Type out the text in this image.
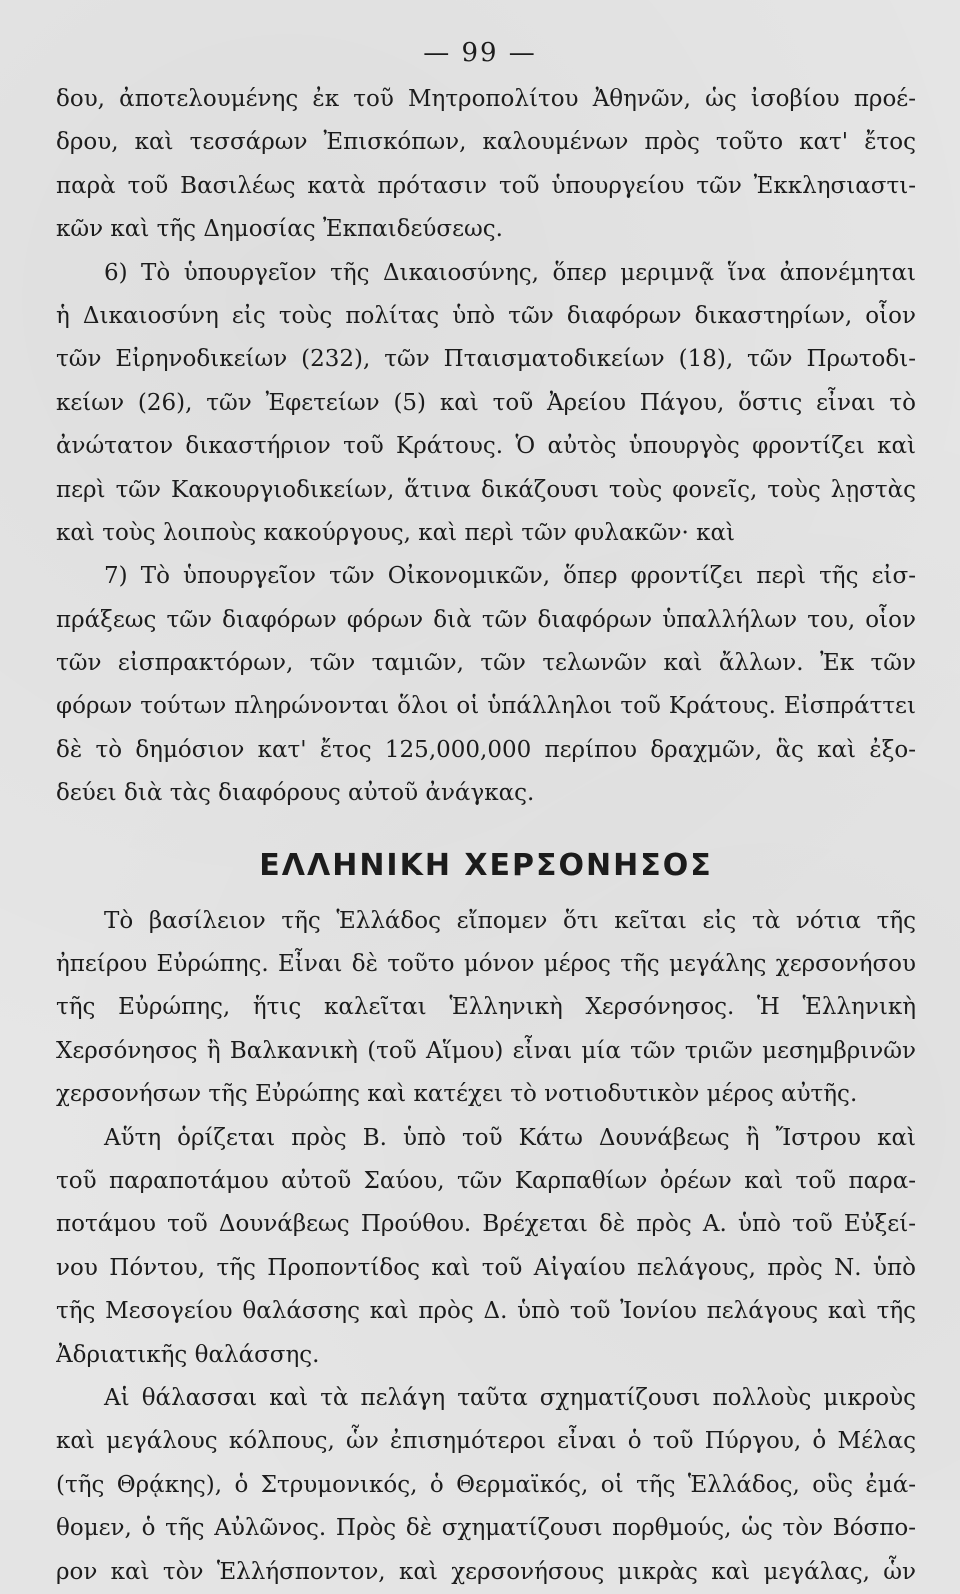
— 99 —
δου, ἀποτελουμένης ἐκ τοῦ Μητροπολίτου Ἀθηνῶν, ὡς ἰσοβίου προέ-
δρου, καὶ τεσσάρων Ἐπισκόπων, καλουμένων πρὸς τοῦτο κατ' ἔτος
παρὰ τοῦ Βασιλέως κατὰ πρότασιν τοῦ ὑπουργείου τῶν Ἐκκλησιαστι-
κῶν καὶ τῆς Δημοσίας Ἐκπαιδεύσεως.
6) Τὸ ὑπουργεῖον τῆς Δικαιοσύνης, ὅπερ μεριμνᾷ ἵνα ἀπονέμηται
ἡ Δικαιοσύνη εἰς τοὺς πολίτας ὑπὸ τῶν διαφόρων δικαστηρίων, οἷον
τῶν Εἰρηνοδικείων (232), τῶν Πταισματοδικείων (18), τῶν Πρωτοδι-
κείων (26), τῶν Ἐφετείων (5) καὶ τοῦ Ἀρείου Πάγου, ὅστις εἶναι τὸ
ἀνώτατον δικαστήριον τοῦ Κράτους. Ὁ αὐτὸς ὑπουργὸς φροντίζει καὶ
περὶ τῶν Κακουργιοδικείων, ἅτινα δικάζουσι τοὺς φονεῖς, τοὺς λῃστὰς
καὶ τοὺς λοιποὺς κακούργους, καὶ περὶ τῶν φυλακῶν· καὶ
7) Τὸ ὑπουργεῖον τῶν Οἰκονομικῶν, ὅπερ φροντίζει περὶ τῆς εἰσ-
πράξεως τῶν διαφόρων φόρων διὰ τῶν διαφόρων ὑπαλλήλων του, οἷον
τῶν εἰσπρακτόρων, τῶν ταμιῶν, τῶν τελωνῶν καὶ ἄλλων. Ἐκ τῶν
φόρων τούτων πληρώνονται ὅλοι οἱ ὑπάλληλοι τοῦ Κράτους. Εἰσπράττει
δὲ τὸ δημόσιον κατ' ἔτος 125,000,000 περίπου δραχμῶν, ἃς καὶ ἐξο-
δεύει διὰ τὰς διαφόρους αὐτοῦ ἀνάγκας.
ΕΛΛΗΝΙΚΗ ΧΕΡΣΟΝΗΣΟΣ
Τὸ βασίλειον τῆς Ἑλλάδος εἴπομεν ὅτι κεῖται εἰς τὰ νότια τῆς
ἠπείρου Εὐρώπης. Εἶναι δὲ τοῦτο μόνον μέρος τῆς μεγάλης χερσονήσου
τῆς Εὐρώπης, ἥτις καλεῖται Ἑλληνικὴ Χερσόνησος. Ἡ Ἑλληνικὴ
Χερσόνησος ἢ Βαλκανικὴ (τοῦ Αἵμου) εἶναι μία τῶν τριῶν μεσημβρινῶν
χερσονήσων τῆς Εὐρώπης καὶ κατέχει τὸ νοτιοδυτικὸν μέρος αὐτῆς.
Αὕτη ὁρίζεται πρὸς Β. ὑπὸ τοῦ Κάτω Δουνάβεως ἢ Ἴστρου καὶ
τοῦ παραποτάμου αὐτοῦ Σαύου, τῶν Καρπαθίων ὀρέων καὶ τοῦ παρα-
ποτάμου τοῦ Δουνάβεως Προύθου. Βρέχεται δὲ πρὸς Α. ὑπὸ τοῦ Εὐξεί-
νου Πόντου, τῆς Προποντίδος καὶ τοῦ Αἰγαίου πελάγους, πρὸς Ν. ὑπὸ
τῆς Μεσογείου θαλάσσης καὶ πρὸς Δ. ὑπὸ τοῦ Ἰονίου πελάγους καὶ τῆς
Ἀδριατικῆς θαλάσσης.
Αἱ θάλασσαι καὶ τὰ πελάγη ταῦτα σχηματίζουσι πολλοὺς μικροὺς
καὶ μεγάλους κόλπους, ὧν ἐπισημότεροι εἶναι ὁ τοῦ Πύργου, ὁ Μέλας
(τῆς Θρᾴκης), ὁ Στρυμονικός, ὁ Θερμαϊκός, οἱ τῆς Ἑλλάδος, οὓς ἐμά-
θομεν, ὁ τῆς Αὐλῶνος. Πρὸς δὲ σχηματίζουσι πορθμούς, ὡς τὸν Βόσπο-
ρον καὶ τὸν Ἑλλήσποντον, καὶ χερσονήσους μικρὰς καὶ μεγάλας, ὧν
